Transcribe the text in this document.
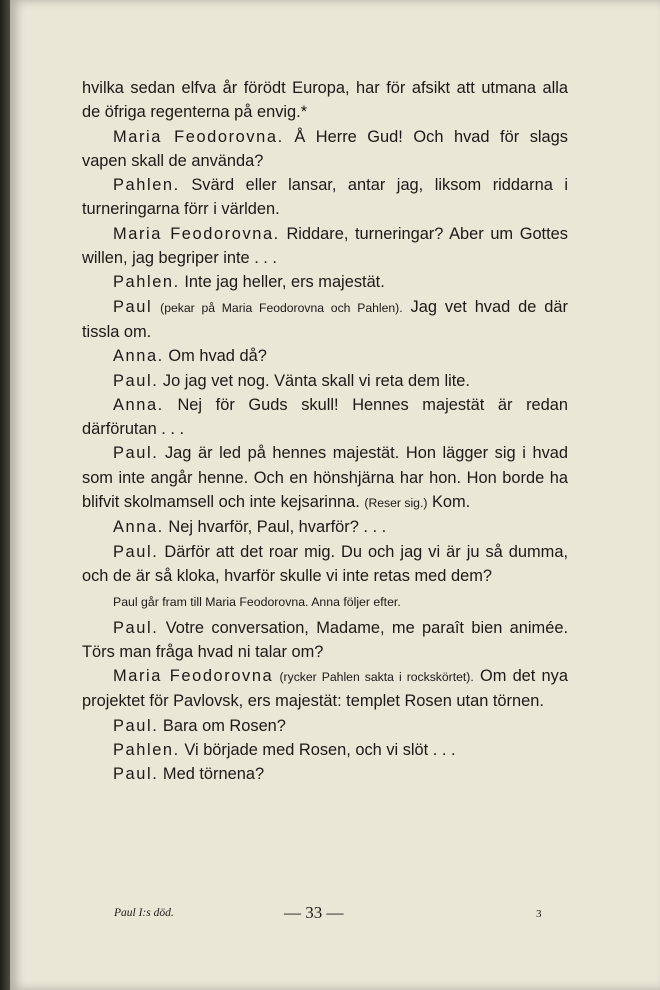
hvilka sedan elfva år förödt Europa, har för afsikt att utmana alla de öfriga regenterna på envig.*

Maria Feodorovna. Å Herre Gud! Och hvad för slags vapen skall de använda?

Pahlen. Svärd eller lansar, antar jag, liksom riddarna i turneringarna förr i världen.

Maria Feodorovna. Riddare, turneringar? Aber um Gottes willen, jag begriper inte . . .

Pahlen. Inte jag heller, ers majestät.

Paul (pekar på Maria Feodorovna och Pahlen). Jag vet hvad de där tissla om.

Anna. Om hvad då?

Paul. Jo jag vet nog. Vänta skall vi reta dem lite.

Anna. Nej för Guds skull! Hennes majestät är redan därförutan . . .

Paul. Jag är led på hennes majestät. Hon lägger sig i hvad som inte angår henne. Och en hönshjärna har hon. Hon borde ha blifvit skolmamsell och inte kejsarinna. (Reser sig.) Kom.

Anna. Nej hvarför, Paul, hvarför? . . .

Paul. Därför att det roar mig. Du och jag vi är ju så dumma, och de är så kloka, hvarför skulle vi inte retas med dem?

Paul går fram till Maria Feodorovna. Anna följer efter.

Paul. Votre conversation, Madame, me paraît bien animée. Törs man fråga hvad ni talar om?

Maria Feodorovna (rycker Pahlen sakta i rockskörtet). Om det nya projektet för Pavlovsk, ers majestät: templet Rosen utan törnen.

Paul. Bara om Rosen?

Pahlen. Vi började med Rosen, och vi slöt . . .

Paul. Med törnena?

Paul I:s död.	— 33 —	3
